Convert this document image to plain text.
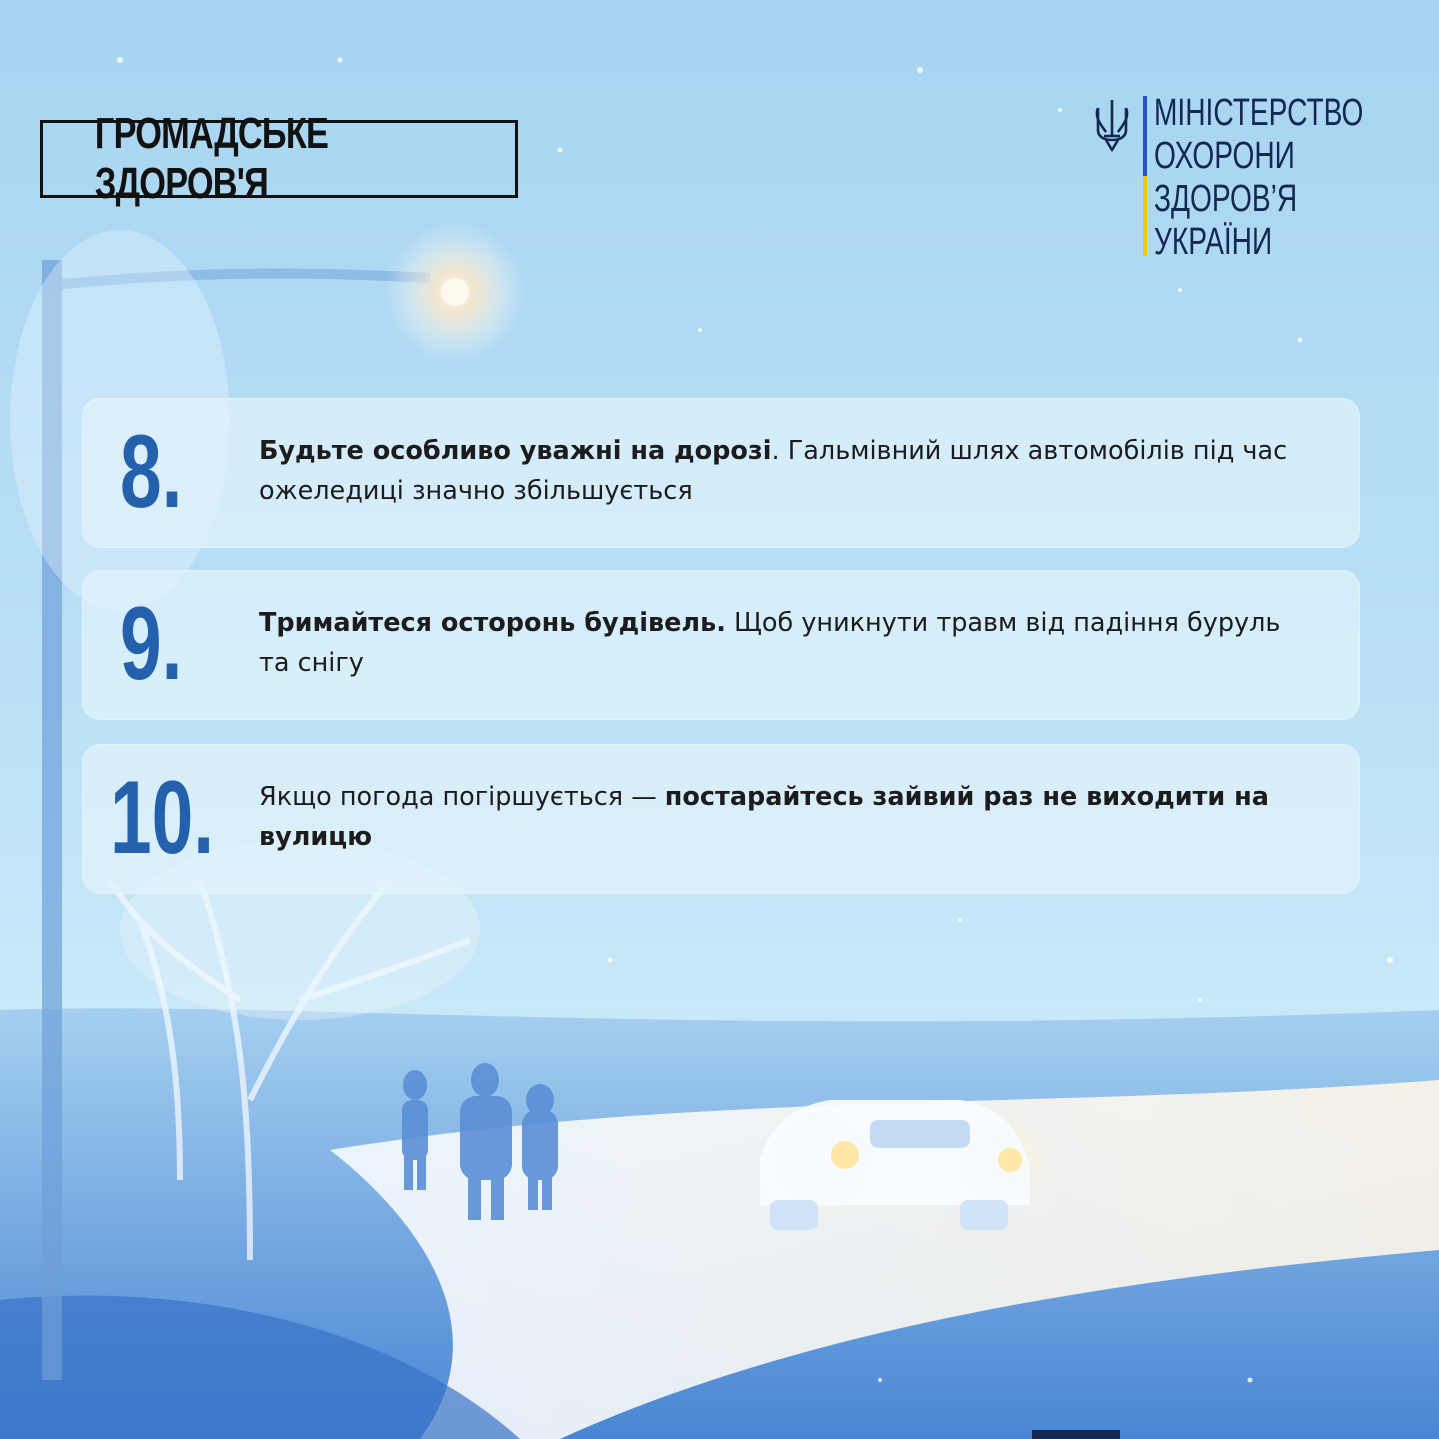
ГРОМАДСЬКЕ ЗДОРОВ'Я
МІНІСТЕРСТВО
ОХОРОНИ
ЗДОРОВ’Я
УКРАЇНИ
8.	Будьте особливо уважні на дорозі. Гальмівний шлях автомобілів під час ожеледиці значно збільшується
9.	Тримайтеся осторонь будівель. Щоб уникнути травм від падіння буруль та снігу
10. Якщо погода погіршується — постарайтесь зайвий раз не виходити на вулицю
